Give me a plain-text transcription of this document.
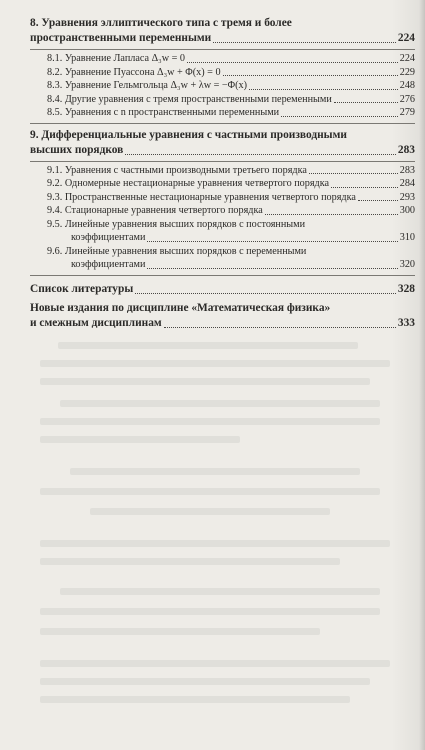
8. Уравнения эллиптического типа с тремя и более
пространственными переменными	224
8.1. Уравнение Лапласа Δ₃w = 0	224
8.2. Уравнение Пуассона Δ₃w + Φ(x) = 0	229
8.3. Уравнение Гельмгольца Δ₃w + λw = −Φ(x)	248
8.4. Другие уравнения с тремя пространственными переменными	276
8.5. Уравнения с n пространственными переменными	279
9. Дифференциальные уравнения с частными производными
высших порядков	283
9.1. Уравнения с частными производными третьего порядка	283
9.2. Одномерные нестационарные уравнения четвертого порядка	284
9.3. Пространственные нестационарные уравнения четвертого порядка	293
9.4. Стационарные уравнения четвертого порядка	300
9.5. Линейные уравнения высших порядков с постоянными
коэффициентами	310
9.6. Линейные уравнения высших порядков с переменными
коэффициентами	320
Список литературы	328
Новые издания по дисциплине «Математическая физика»
и смежным дисциплинам	333
